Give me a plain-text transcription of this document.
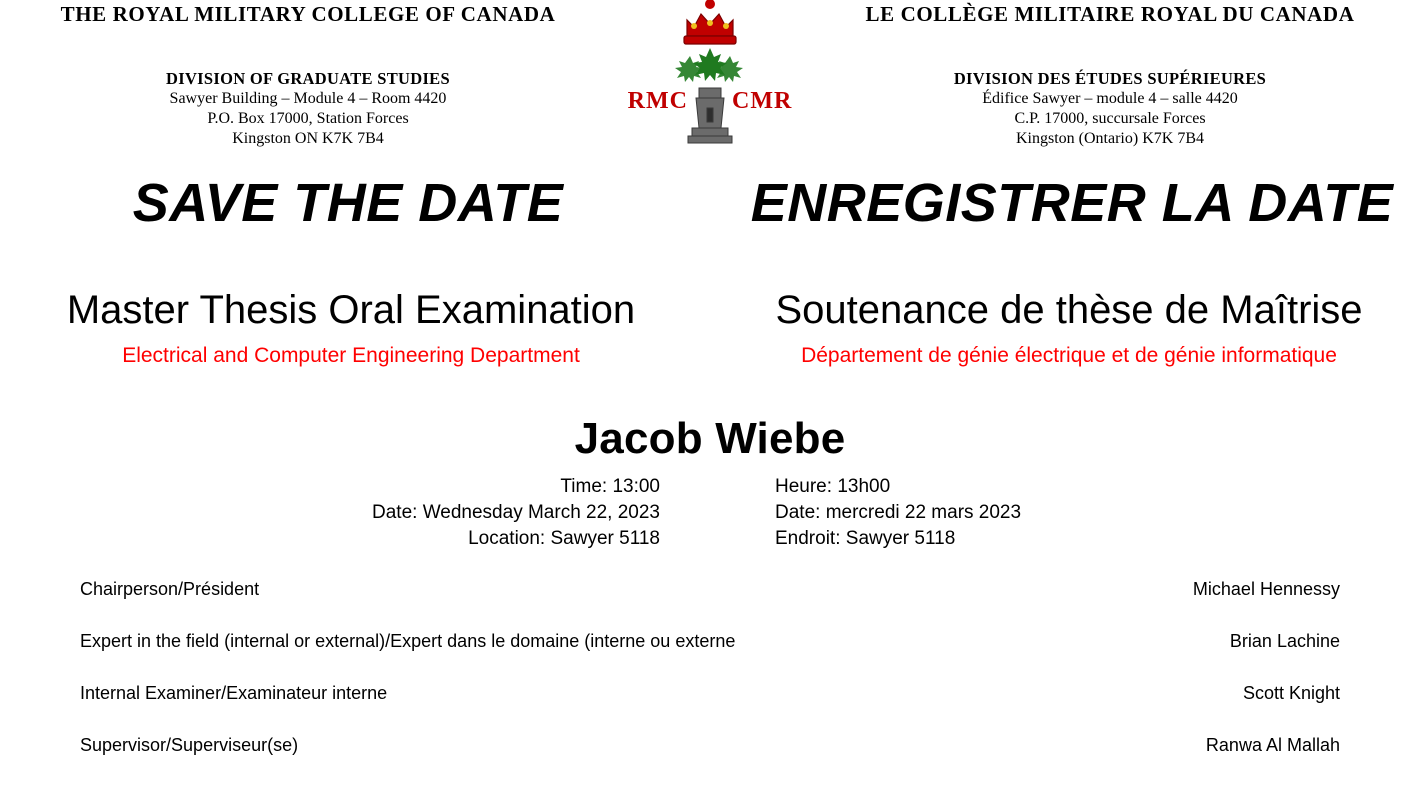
THE ROYAL MILITARY COLLEGE OF CANADA
DIVISION OF GRADUATE STUDIES
Sawyer Building – Module 4 – Room 4420
P.O. Box 17000, Station Forces
Kingston ON K7K 7B4
LE COLLÈGE MILITAIRE ROYAL DU CANADA
DIVISION DES ÉTUDES SUPÉRIEURES
Édifice Sawyer – module 4 – salle 4420
C.P. 17000, succursale Forces
Kingston (Ontario) K7K 7B4
RMC CMR
SAVE THE DATE	ENREGISTRER LA DATE
Master Thesis Oral Examination
Electrical and Computer Engineering Department
Soutenance de thèse de Maîtrise
Département de génie électrique et de génie informatique
Jacob Wiebe
Time: 13:00
Date: Wednesday March 22, 2023
Location: Sawyer 5118
Heure: 13h00
Date: mercredi 22 mars 2023
Endroit: Sawyer 5118
Chairperson/Président	Michael Hennessy
Expert in the field (internal or external)/Expert dans le domaine (interne ou externe	Brian Lachine
Internal Examiner/Examinateur interne	Scott Knight
Supervisor/Superviseur(se)	Ranwa Al Mallah
